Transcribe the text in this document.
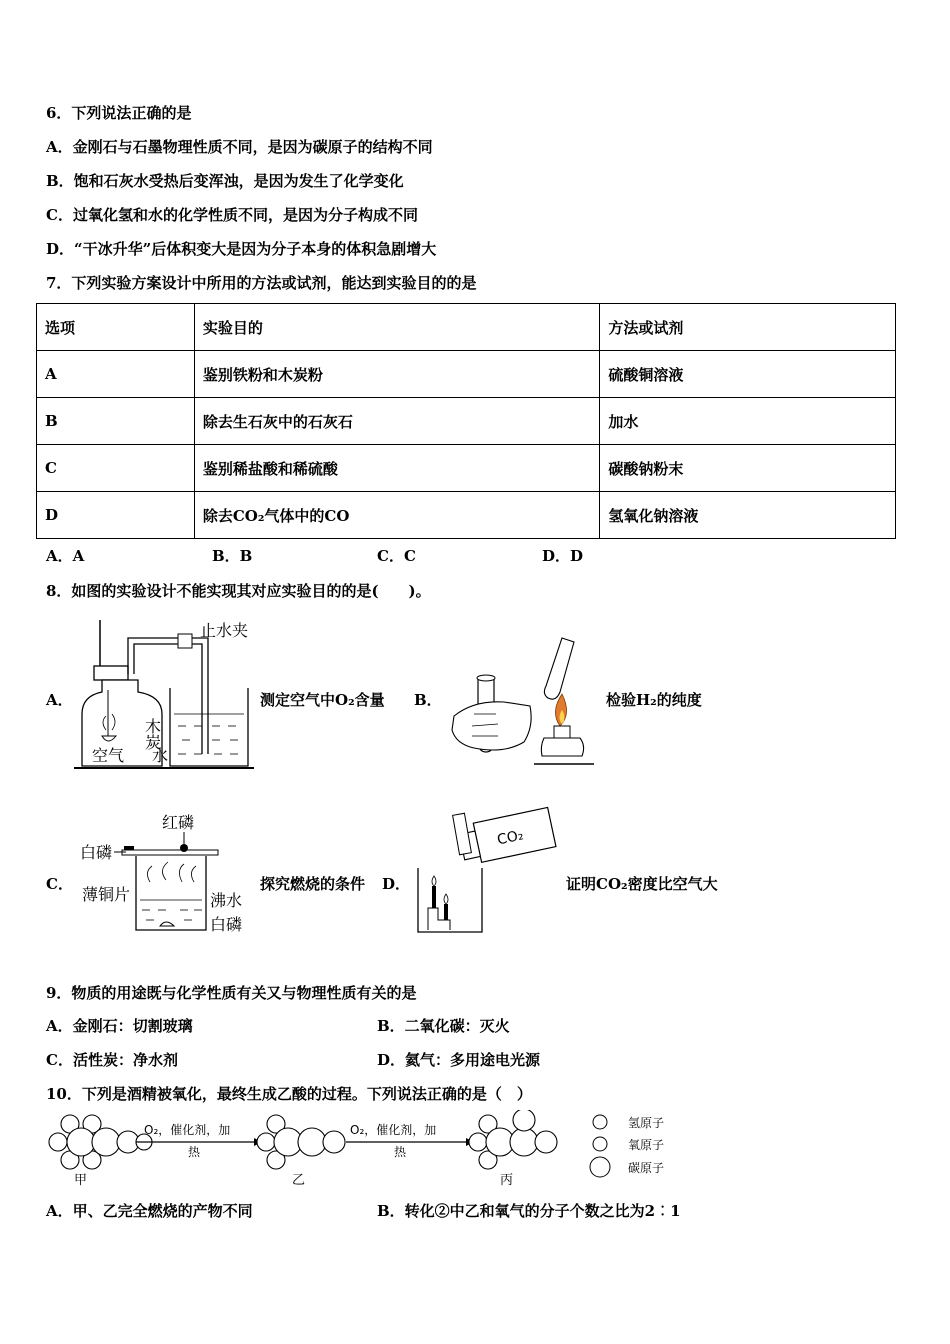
6．下列说法正确的是
A．金刚石与石墨物理性质不同，是因为碳原子的结构不同
B．饱和石灰水受热后变浑浊，是因为发生了化学变化
C．过氧化氢和水的化学性质不同，是因为分子构成不同
D．“干冰升华”后体积变大是因为分子本身的体积急剧增大
7．下列实验方案设计中所用的方法或试剂，能达到实验目的的是
选项	实验目的	方法或试剂
A	鉴别铁粉和木炭粉	硫酸铜溶液
B	除去生石灰中的石灰石	加水
C	鉴别稀盐酸和稀硫酸	碳酸钠粉末
D	除去CO₂气体中的CO	氢氧化钠溶液
A．A	B．B	C．C	D．D
8．如图的实验设计不能实现其对应实验目的的是(　　)。
A．
止水夹
木炭
空气 水
测定空气中O₂含量 B．	检验H₂的纯度
C．
红磷
白磷
薄铜片	沸水
白磷
探究燃烧的条件 D．
CO₂
证明CO₂密度比空气大
9．物质的用途既与化学性质有关又与物理性质有关的是
A．金刚石：切割玻璃	B．二氧化碳：灭火
C．活性炭：净水剂	D．氦气：多用途电光源
10．下列是酒精被氧化，最终生成乙酸的过程。下列说法正确的是（　）
甲
O₂，催化剂，加
热
乙
O₂，催化剂，加
热
丙
氢原子
氧原子
碳原子
A．甲、乙完全燃烧的产物不同	B．转化②中乙和氧气的分子个数之比为2︰1
